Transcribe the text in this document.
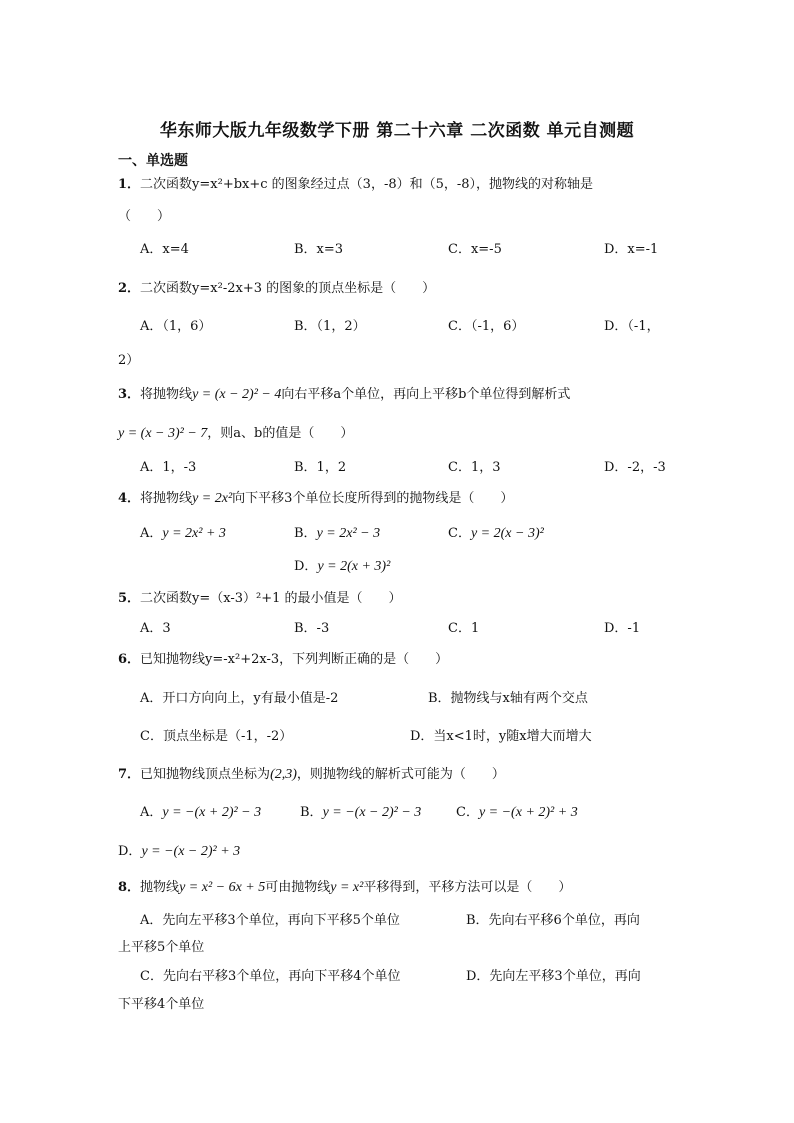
华东师大版九年级数学下册 第二十六章 二次函数 单元自测题
一、单选题
1．二次函数y=x²+bx+c 的图象经过点（3，-8）和（5，-8），抛物线的对称轴是
（　　）
A．x=4	B．x=3	C．x=-5	D．x=-1
2．二次函数y=x²-2x+3 的图象的顶点坐标是（　　）
A．（1，6）	B．（1，2）	C．（-1，6）	D．（-1，
2）
3．将抛物线y = (x − 2)² − 4向右平移a个单位，再向上平移b个单位得到解析式
y = (x − 3)² − 7，则a、b的值是（　　）
A．1，-3	B．1，2	C．1，3	D．-2，-3
4．将抛物线y = 2x²向下平移3个单位长度所得到的抛物线是（　　）
A．y = 2x² + 3	B．y = 2x² − 3	C．y = 2(x − 3)²
D．y = 2(x + 3)²
5．二次函数y=（x-3）²+1 的最小值是（　　）
A．3	B．-3	C．1	D．-1
6．已知抛物线y=-x²+2x-3，下列判断正确的是（　　）
A．开口方向向上，y有最小值是-2	B．抛物线与x轴有两个交点
C．顶点坐标是（-1，-2）	D．当x<1时，y随x增大而增大
7．已知抛物线顶点坐标为(2,3)，则抛物线的解析式可能为（　　）
A．y = −(x + 2)² − 3	B．y = −(x − 2)² − 3	C．y = −(x + 2)² + 3
D．y = −(x − 2)² + 3
8．抛物线y = x² − 6x + 5可由抛物线y = x²平移得到，平移方法可以是（　　）
A．先向左平移3个单位，再向下平移5个单位	B．先向右平移6个单位，再向
上平移5个单位
C．先向右平移3个单位，再向下平移4个单位	D．先向左平移3个单位，再向
下平移4个单位
